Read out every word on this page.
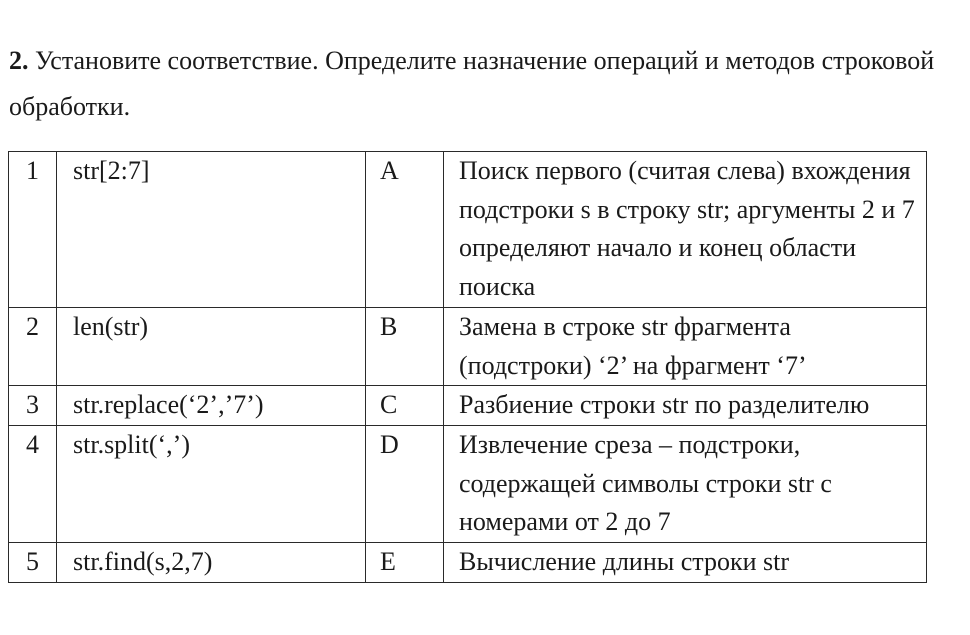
2. Установите соответствие. Определите назначение операций и методов строковой обработки.
1	str[2:7]	A	Поиск первого (считая слева) вхождения подстроки s в строку str; аргументы 2 и 7 определяют начало и конец области поиска
2	len(str)	B	Замена в строке str фрагмента (подстроки) ‘2’ на фрагмент ‘7’
3	str.replace(‘2’,’7’)	C	Разбиение строки str по разделителю
4	str.split(‘,’)	D	Извлечение среза – подстроки, содержащей символы строки str с номерами от 2 до 7
5	str.find(s,2,7)	E	Вычисление длины строки str
